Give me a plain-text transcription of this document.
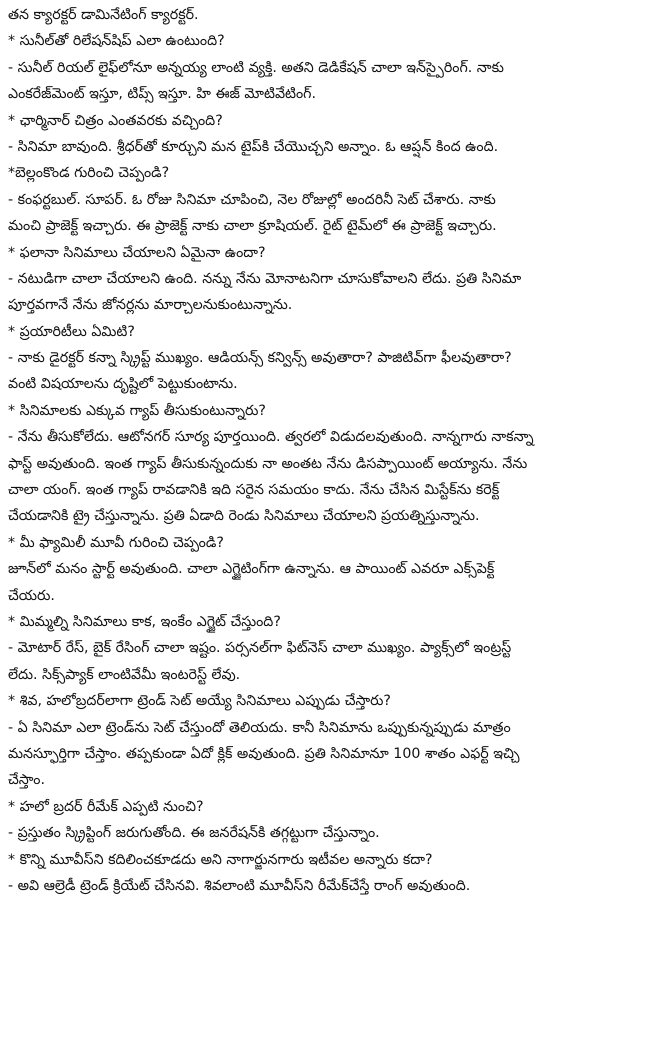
తన క్యారక్టర్ డామినేటింగ్ క్యారక్టర్.
* సునీల్‌తో రిలేషన్‌షిప్ ఎలా ఉంటుంది?
- సునీల్ రియల్ లైఫ్‌లోనూ అన్నయ్య లాంటి వ్యక్తి. అతని డెడికేషన్ చాలా ఇన్‌స్పైరింగ్. నాకు
ఎంకరేజ్‌మెంట్ ఇస్తూ, టిప్స్ ఇస్తూ. హి ఈజ్ మోటివేటింగ్.
* ఛార్మినార్ చిత్రం ఎంతవరకు వచ్చింది?
- సినిమా బావుంది. శ్రీధర్‌తో కూర్చుని మన టైప్‌కి చేయొచ్చని అన్నాం. ఓ ఆప్షన్ కింద ఉంది.
*బెల్లంకొండ గురించి చెప్పండి?
- కంఫర్టబుల్. సూపర్. ఓ రోజు సినిమా చూపించి, నెల రోజుల్లో అందరినీ సెట్ చేశారు. నాకు
మంచి ప్రాజెక్ట్ ఇచ్చారు. ఈ ప్రాజెక్ట్ నాకు చాలా క్రూషియల్. రైట్ టైమ్‌లో ఈ ప్రాజెక్ట్ ఇచ్చారు.
* ఫలానా సినిమాలు చేయాలని ఏమైనా ఉందా?
- నటుడిగా చాలా చేయాలని ఉంది. నన్ను నేను మోనాటనిగా చూసుకోవాలని లేదు. ప్రతి సినిమా
పూర్తవగానే నేను జోనర్లను మార్చాలనుకుంటున్నాను.
* ప్రయారిటీలు ఏమిటి?
- నాకు డైరక్టర్ కన్నా స్క్రిప్ట్ ముఖ్యం. ఆడియన్స్ కన్విన్స్ అవుతారా? పాజిటివ్‌గా ఫీలవుతారా?
వంటి విషయాలను దృష్టిలో పెట్టుకుంటాను.
* సినిమాలకు ఎక్కువ గ్యాప్ తీసుకుంటున్నారు?
- నేను తీసుకోలేదు. ఆటోనగర్ సూర్య పూర్తయింది. త్వరలో విడుదలవుతుంది. నాన్నగారు నాకన్నా
ఫాస్ట్ అవుతుంది. ఇంత గ్యాప్ తీసుకున్నందుకు నా అంతట నేను డిసప్పాయింట్ అయ్యాను. నేను
చాలా యంగ్. ఇంత గ్యాప్ రావడానికి ఇది సరైన సమయం కాదు. నేను చేసిన మిస్టేక్‌ను కరెక్ట్
చేయడానికి ట్రై చేస్తున్నాను. ప్రతి ఏడాది రెండు సినిమాలు చేయాలని ప్రయత్నిస్తున్నాను.
* మీ ఫ్యామిలీ మూవీ గురించి చెప్పండి?
జూన్‌లో మనం స్టార్ట్ అవుతుంది. చాలా ఎగ్జైటింగ్‌గా ఉన్నాను. ఆ పాయింట్ ఎవరూ ఎక్స్‌పెక్ట్
చేయరు.
* మిమ్మల్ని సినిమాలు కాక, ఇంకేం ఎగ్జైట్ చేస్తుంది?
- మోటార్ రేస్, బైక్ రేసింగ్ చాలా ఇష్టం. పర్సనల్‌గా ఫిట్‌నెస్ చాలా ముఖ్యం. ప్యాక్స్‌లో ఇంట్రస్ట్
లేదు. సిక్స్‌ప్యాక్ లాంటివేమీ ఇంటరెస్ట్ లేవు.
* శివ, హలోబ్రదర్‌లాగా ట్రెండ్ సెట్ అయ్యే సినిమాలు ఎప్పుడు చేస్తారు?
- ఏ సినిమా ఎలా ట్రెండ్‌ను సెట్ చేస్తుందో తెలియదు. కానీ సినిమాను ఒప్పుకున్నప్పుడు మాత్రం
మనస్ఫూర్తిగా చేస్తాం. తప్పకుండా ఏదో క్లిక్ అవుతుంది. ప్రతి సినిమానూ 100 శాతం ఎఫర్ట్ ఇచ్చి
చేస్తాం.
* హలో బ్రదర్ రీమేక్ ఎప్పటి నుంచి?
- ప్రస్తుతం స్క్రిప్టింగ్ జరుగుతోంది. ఈ జనరేషన్‌కి తగ్గట్టుగా చేస్తున్నాం.
* కొన్ని మూవీస్‌ని కదిలించకూడదు అని నాగార్జునగారు ఇటీవల అన్నారు కదా?
- అవి ఆల్రెడీ ట్రెండ్ క్రియేట్ చేసినవి. శివలాంటి మూవీస్‌ని రీమేక్‌చేస్తే రాంగ్ అవుతుంది.
